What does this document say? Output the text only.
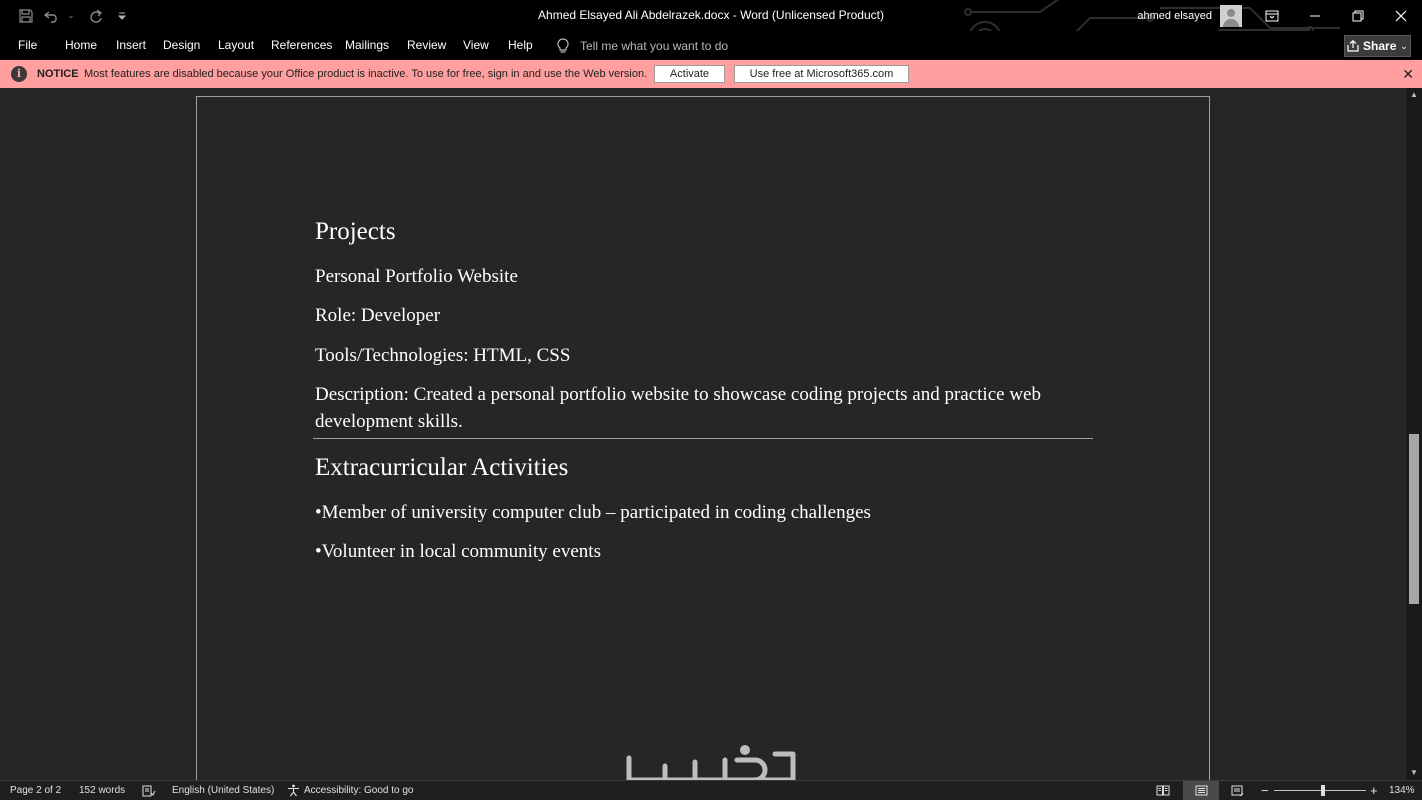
⌄	Ahmed Elsayed Ali Abdelrazek.docx - Word (Unlicensed Product)	ahmed elsayed
File Home Insert Design Layout References Mailings Review View Help	Tell me what you want to do	Share ⌄
i	NOTICE Most features are disabled because your Office product is inactive. To use for free, sign in and use the Web version.	Activate	Use free at Microsoft365.com	✕
Projects
Personal Portfolio Website
Role: Developer
Tools/Technologies: HTML, CSS
Description: Created a personal portfolio website to showcase coding projects and practice web
development skills.
Extracurricular Activities
•Member of university computer club – participated in coding challenges
•Volunteer in local community events
▲
▼
Page 2 of 2 152 words	English (United States)	Accessibility: Good to go	−	+ 134%
